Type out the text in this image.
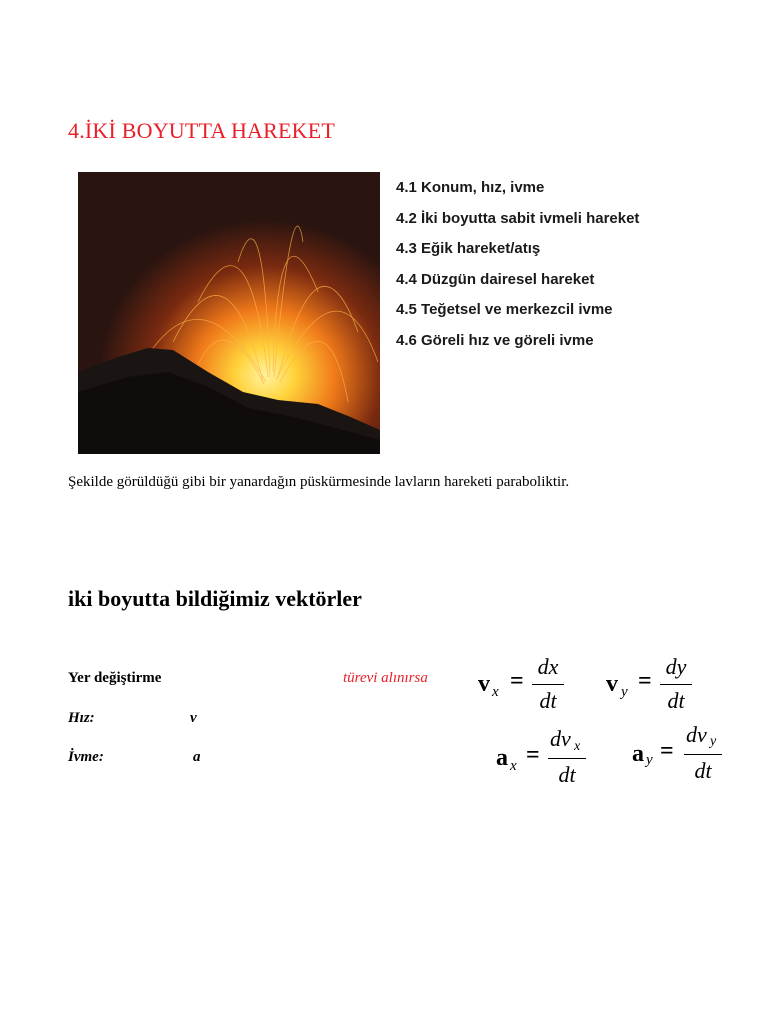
4.İKİ BOYUTTA HAREKET
4.1 Konum, hız, ivme
4.2 İki boyutta sabit ivmeli hareket
4.3 Eğik hareket/atış
4.4 Düzgün dairesel hareket
4.5 Teğetsel ve merkezcil ivme
4.6 Göreli hız ve göreli ivme
Şekilde görüldüğü gibi bir yanardağın püskürmesinde lavların hareketi paraboliktir.
iki boyutta bildiğimiz vektörler
Yer değiştirme
Hız:	v
İvme:	a
türevi alınırsa v x =
dx
dt
v y =
dy
dt
a x =
dv x
dt
a y =
dv y
dt
